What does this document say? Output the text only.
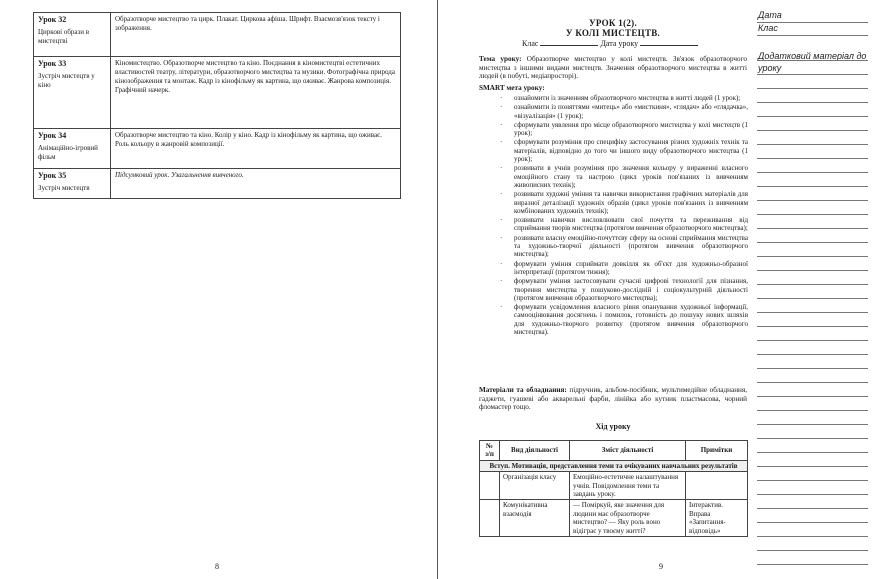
Урок 32
Циркові образи в мистецтві	Образотворче мистецтво та цирк. Плакат. Циркова афіша. Шрифт. Взаємозв'язок тексту і зображення.

Урок 33
Зустріч мистецтв у кіно	Кіномистецтво. Образотворче мистецтво та кіно. Поєднання в кіномистецтві естетичних властивостей театру, літератури, образотворчого мистецтва та музики. Фотографічна природа кінозображення та монтаж. Кадр із кінофільму як картина, що оживає. Жанрова композиція. Графічний начерк.

Урок 34
Анімаційно-ігровий фільм	Образотворче мистецтво та кіно. Колір у кіно. Кадр із кінофільму як картина, що оживає. Роль кольору в жанровій композиції.

Урок 35
Зустріч мистецтв	Підсумковий урок. Узагальнення вивченого.
8
УРОК 1(2).
У КОЛІ МИСТЕЦТВ.
Клас	Дата уроку
Тема уроку: Образотворче мистецтво у колі мистецтв. Зв'язок образотворчого мистецтва з іншими видами мистецтв. Значення образотворчого мистецтва в житті людей (в побуті, медіапросторі).
SMART мета уроку:
· ознайомити із значенням образотворчого мистецтва в житті людей (1 урок);
· ознайомити із поняттями «митець» або «мисткиня», «глядач» або «глядачка», «візуалізація» (1 урок);
· сформувати уявлення про місце образотворчого мистецтва у колі мистецтв (1 урок);
· сформувати розуміння про специфіку застосування різних художніх технік та матеріалів, відповідно до того чи іншого виду образотворчого мистецтва (1 урок);
· розвивати в учнів розуміння про значення кольору у вираженні власного емоційного стану та настрою (цикл уроків пов'язаних із вивченням живописних технік);
· розвивати художні уміння та навички використання графічних матеріалів для виразної деталізації художніх образів (цикл уроків пов'язаних із вивченням комбінованих художніх технік);
· розвивати навички висловлювати свої почуття та переживання від сприймання творів мистецтва (протягом вивчення образотворчого мистецтва);
· розвивати власну емоційно-почуттєву сферу на основі сприймання мистецтва та художньо-творчої діяльності (протягом вивчення образотворчого мистецтва);
· формувати уміння сприймати довкілля як об'єкт для художньо-образної інтерпретації (протягом тижня);
· формувати уміння застосовувати сучасні цифрові технології для пізнання, творення мистецтва у пошуково-дослідній і соціокультурній діяльності (протягом вивчення образотворчого мистецтва);
· формувати усвідомлення власного рівня опанування художньої інформації, самооцінювання досягнень і помилок, готовність до пошуку нових шляхів для художньо-творчого розвитку (протягом вивчення образотворчого мистецтва).
Матеріали та обладнання: підручник, альбом-посібник, мультимедійне обладнання, гаджети, гуашеві або акварельні фарби, лінійка або кутник пластмасова, чорний фломастер тощо.
Хід уроку
№ з/п	Вид діяльності	Зміст діяльності	Примітки
Вступ. Мотивація, представлення теми та очікуваних навчальних результатів			
	Організація класу	Емоційно-естетичне налаштування учнів. Повідомлення теми та завдань уроку.	
	Комунікативна взаємодія	— Поміркуй, яке значення для людини має образотворче мистецтво? — Яку роль воно відіграє у твоєму житті?	Інтерактив. Вправа «Запитання-відповідь»
9
Дата
Клас
Додатковий матеріал до уроку
